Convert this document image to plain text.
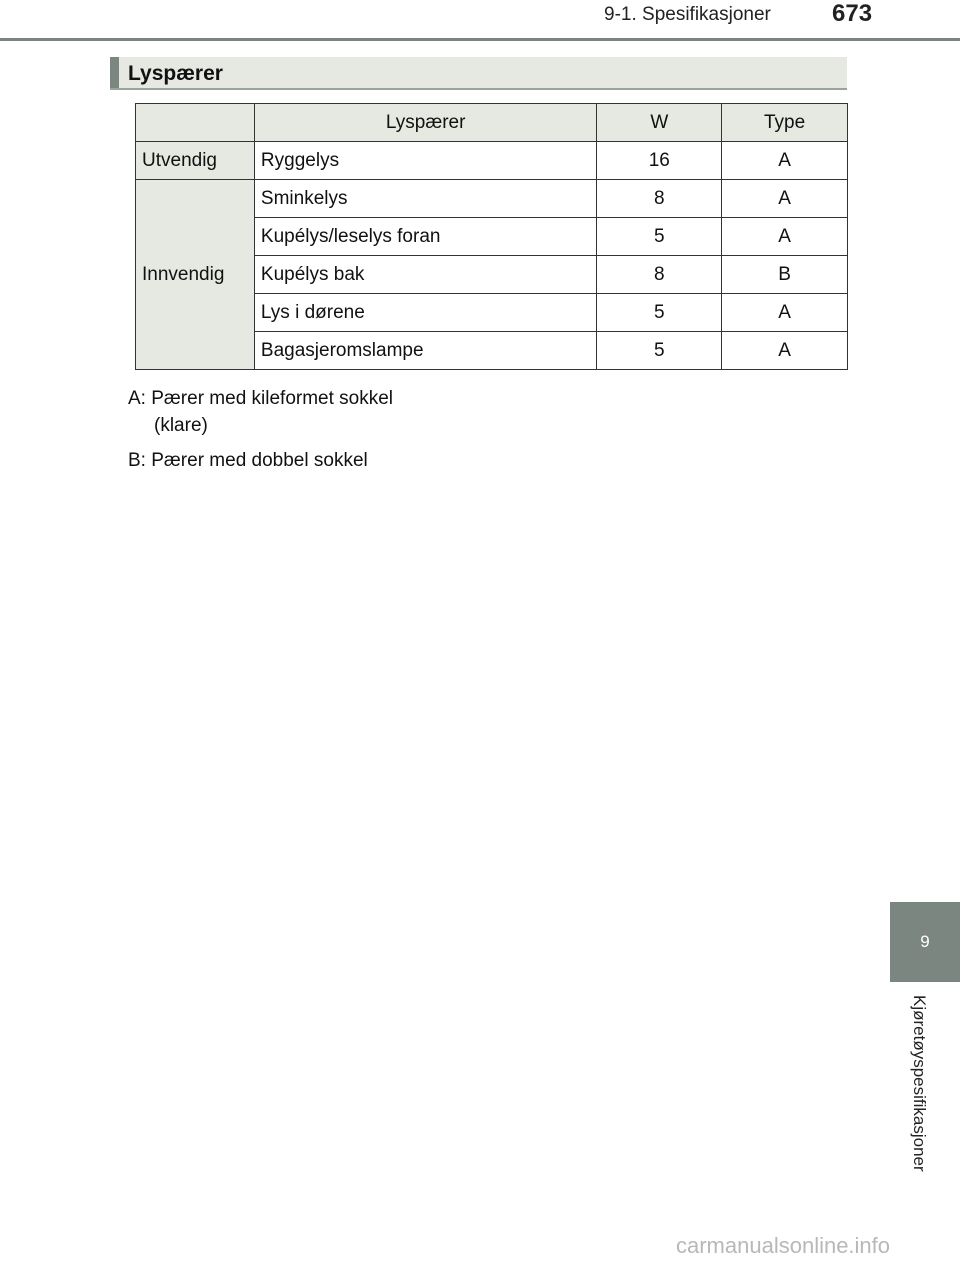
9-1. Spesifikasjoner	673
Lyspærer
	Lyspærer	W	Type
Utvendig	Ryggelys	16	A
Innvendig	Sminkelys	8	A
	Kupélys/leselys foran	5	A
	Kupélys bak	8	B
	Lys i dørene	5	A
	Bagasjeromslampe	5	A
A: Pærer med kileformet sokkel
(klare)
B: Pærer med dobbel sokkel
9
Kjøretøyspesifikasjoner
carmanualsonline.info
